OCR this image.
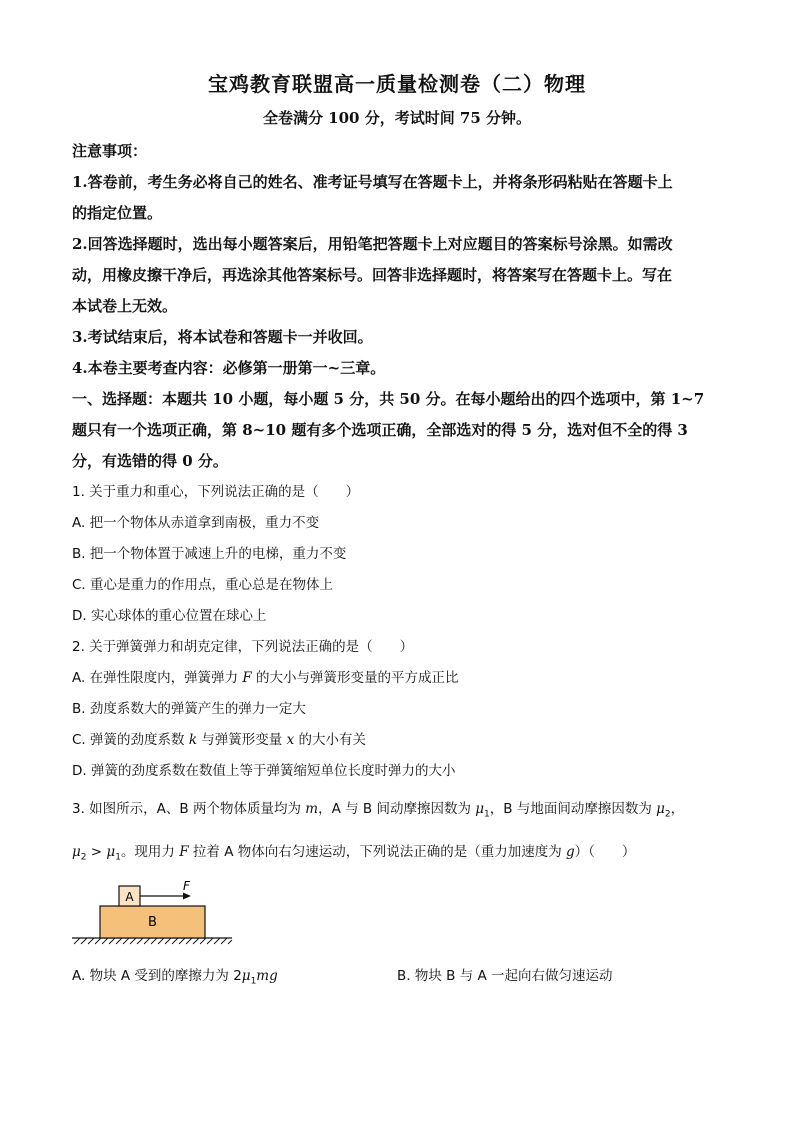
宝鸡教育联盟高一质量检测卷（二）物理
全卷满分 100 分，考试时间 75 分钟。
注意事项：
1.答卷前，考生务必将自己的姓名、准考证号填写在答题卡上，并将条形码粘贴在答题卡上
的指定位置。
2.回答选择题时，选出每小题答案后，用铅笔把答题卡上对应题目的答案标号涂黑。如需改
动，用橡皮擦干净后，再选涂其他答案标号。回答非选择题时，将答案写在答题卡上。写在
本试卷上无效。
3.考试结束后，将本试卷和答题卡一并收回。
4.本卷主要考查内容：必修第一册第一~三章。
一、选择题：本题共 10 小题，每小题 5 分，共 50 分。在每小题给出的四个选项中，第 1~7
题只有一个选项正确，第 8~10 题有多个选项正确，全部选对的得 5 分，选对但不全的得 3
分，有选错的得 0 分。
1. 关于重力和重心，下列说法正确的是（　　）
A. 把一个物体从赤道拿到南极，重力不变
B. 把一个物体置于减速上升的电梯，重力不变
C. 重心是重力的作用点，重心总是在物体上
D. 实心球体的重心位置在球心上
2. 关于弹簧弹力和胡克定律，下列说法正确的是（　　）
A. 在弹性限度内，弹簧弹力 F 的大小与弹簧形变量的平方成正比
B. 劲度系数大的弹簧产生的弹力一定大
C. 弹簧的劲度系数 k 与弹簧形变量 x 的大小有关
D. 弹簧的劲度系数在数值上等于弹簧缩短单位长度时弹力的大小
3. 如图所示，A、B 两个物体质量均为 m，A 与 B 间动摩擦因数为 $\mu_1$，B 与地面间动摩擦因数为 $\mu_2$，
$\mu_2 > \mu_1$。现用力 F 拉着 A 物体向右匀速运动，下列说法正确的是（重力加速度为 g）（　　）
A
B
F
A. 物块 A 受到的摩擦力为 $2\mu_1mg$	B. 物块 B 与 A 一起向右做匀速运动
